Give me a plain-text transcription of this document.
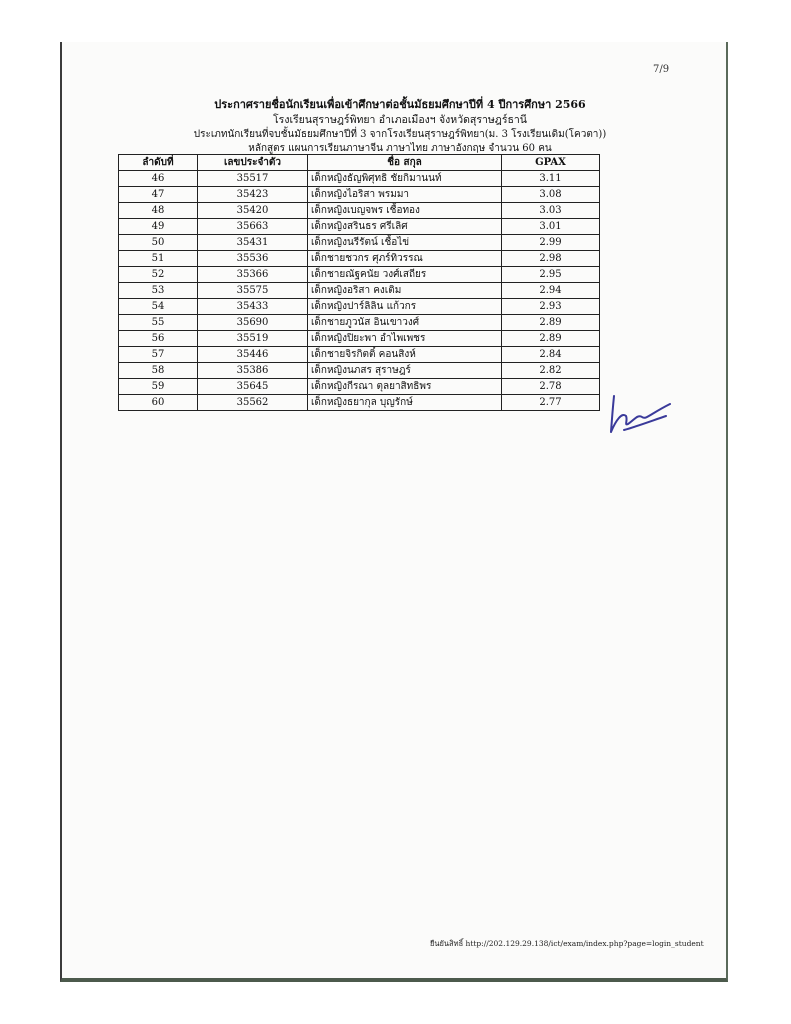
7/9
ประกาศรายชื่อนักเรียนเพื่อเข้าศึกษาต่อชั้นมัธยมศึกษาปีที่ 4 ปีการศึกษา 2566
โรงเรียนสุราษฎร์พิทยา อำเภอเมืองฯ จังหวัดสุราษฎร์ธานี
ประเภทนักเรียนที่จบชั้นมัธยมศึกษาปีที่ 3 จากโรงเรียนสุราษฎร์พิทยา(ม. 3 โรงเรียนเดิม(โควตา))
หลักสูตร แผนการเรียนภาษาจีน ภาษาไทย ภาษาอังกฤษ จำนวน 60 คน
ลำดับที่	เลขประจำตัว	ชื่อ สกุล	GPAX
46	35517	เด็กหญิงธัญพิศุทธิ ชัยกิมานนท์	3.11
47	35423	เด็กหญิงไอริสา พรมมา	3.08
48	35420	เด็กหญิงเบญจพร เชื้อทอง	3.03
49	35663	เด็กหญิงสรินธร ศรีเลิศ	3.01
50	35431	เด็กหญิงนรีรัตน์ เชื้อไข่	2.99
51	35536	เด็กชายชวกร ศุภร์ทิวรรณ	2.98
52	35366	เด็กชายณัฐคนัย วงศ์เสถียร	2.95
53	35575	เด็กหญิงอริสา คงเติม	2.94
54	35433	เด็กหญิงปาร์ลิลิน แก้วกร	2.93
55	35690	เด็กชายภูวนัส อินเขาวงศ์	2.89
56	35519	เด็กหญิงปิยะพา อำไพเพชร	2.89
57	35446	เด็กชายจิรกิตติ์ คอนสิงห์	2.84
58	35386	เด็กหญิงนภสร สุราษฎร์	2.82
59	35645	เด็กหญิงกีรณา ตุลยาสิทธิพร	2.78
60	35562	เด็กหญิงธยากุล บุญรักษ์	2.77
ยืนยันสิทธิ์ http://202.129.29.138/ict/exam/index.php?page=login_student
